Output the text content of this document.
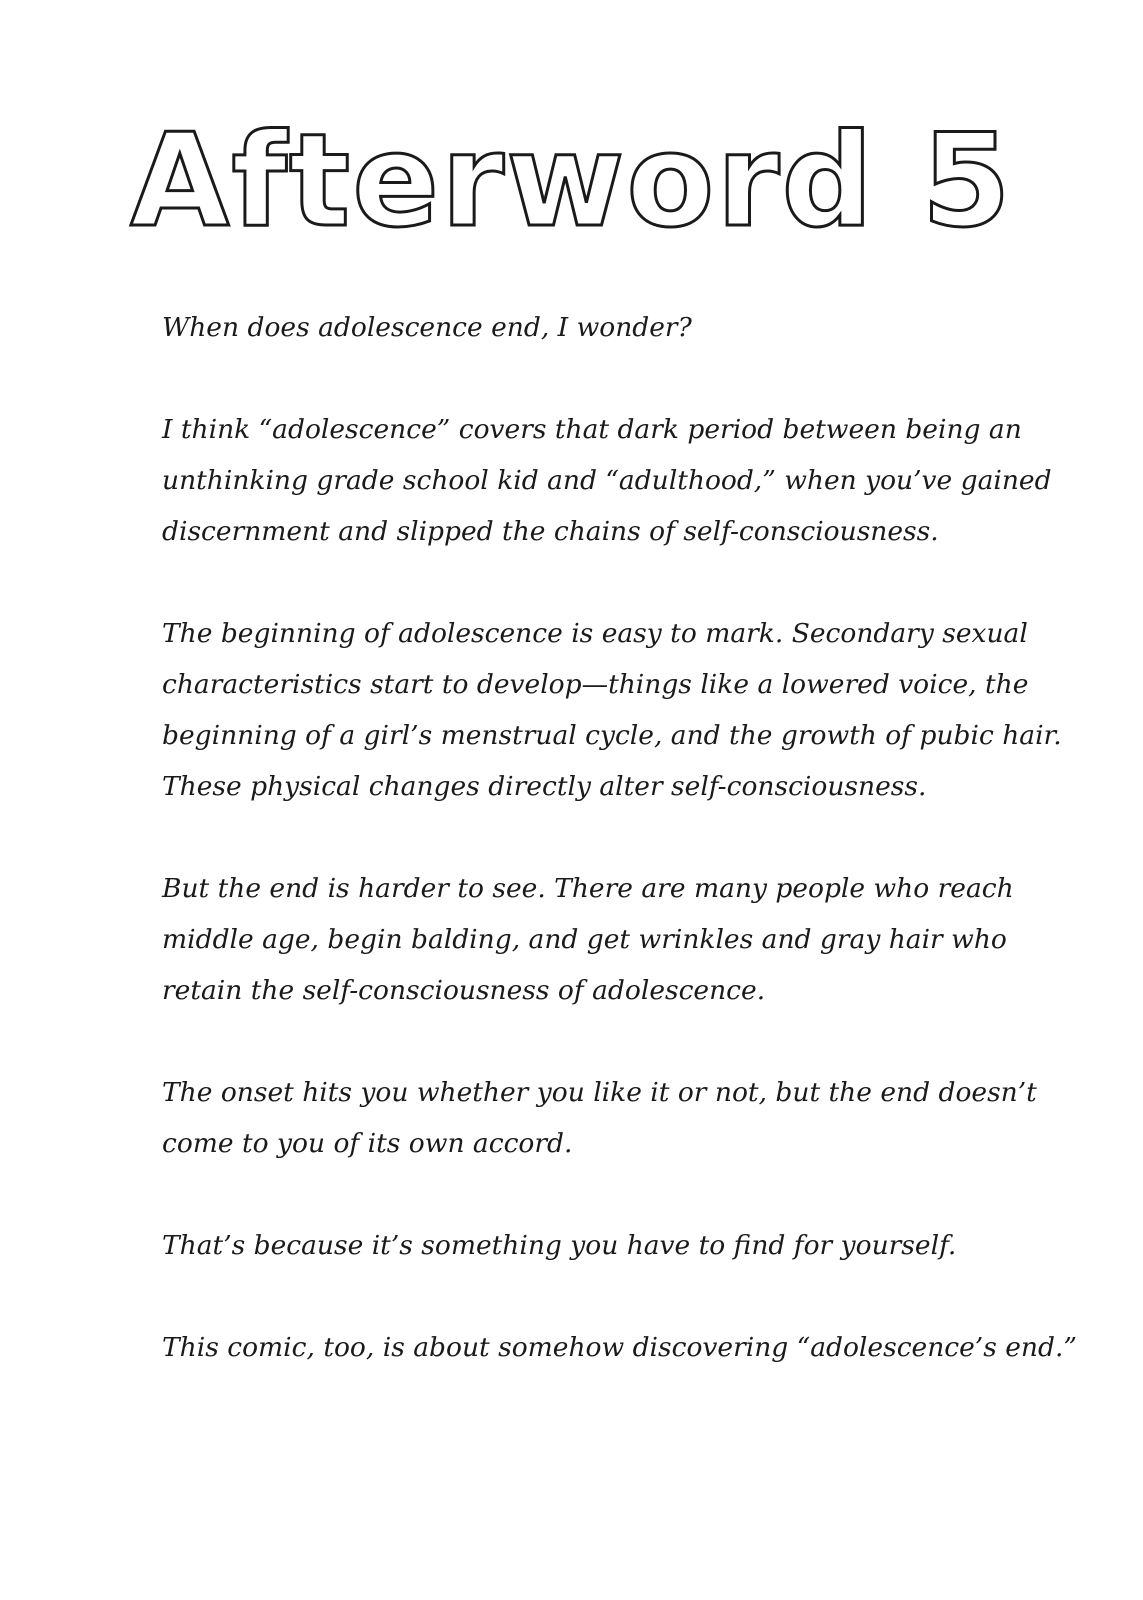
Afterword 5

When does adolescence end, I wonder?

I think “adolescence” covers that dark period between being an
unthinking grade school kid and “adulthood,” when you’ve gained
discernment and slipped the chains of self-consciousness.

The beginning of adolescence is easy to mark. Secondary sexual
characteristics start to develop—things like a lowered voice, the
beginning of a girl’s menstrual cycle, and the growth of pubic hair.
These physical changes directly alter self-consciousness.

But the end is harder to see. There are many people who reach
middle age, begin balding, and get wrinkles and gray hair who
retain the self-consciousness of adolescence.

The onset hits you whether you like it or not, but the end doesn’t
come to you of its own accord.

That’s because it’s something you have to find for yourself.

This comic, too, is about somehow discovering “adolescence’s end.”
